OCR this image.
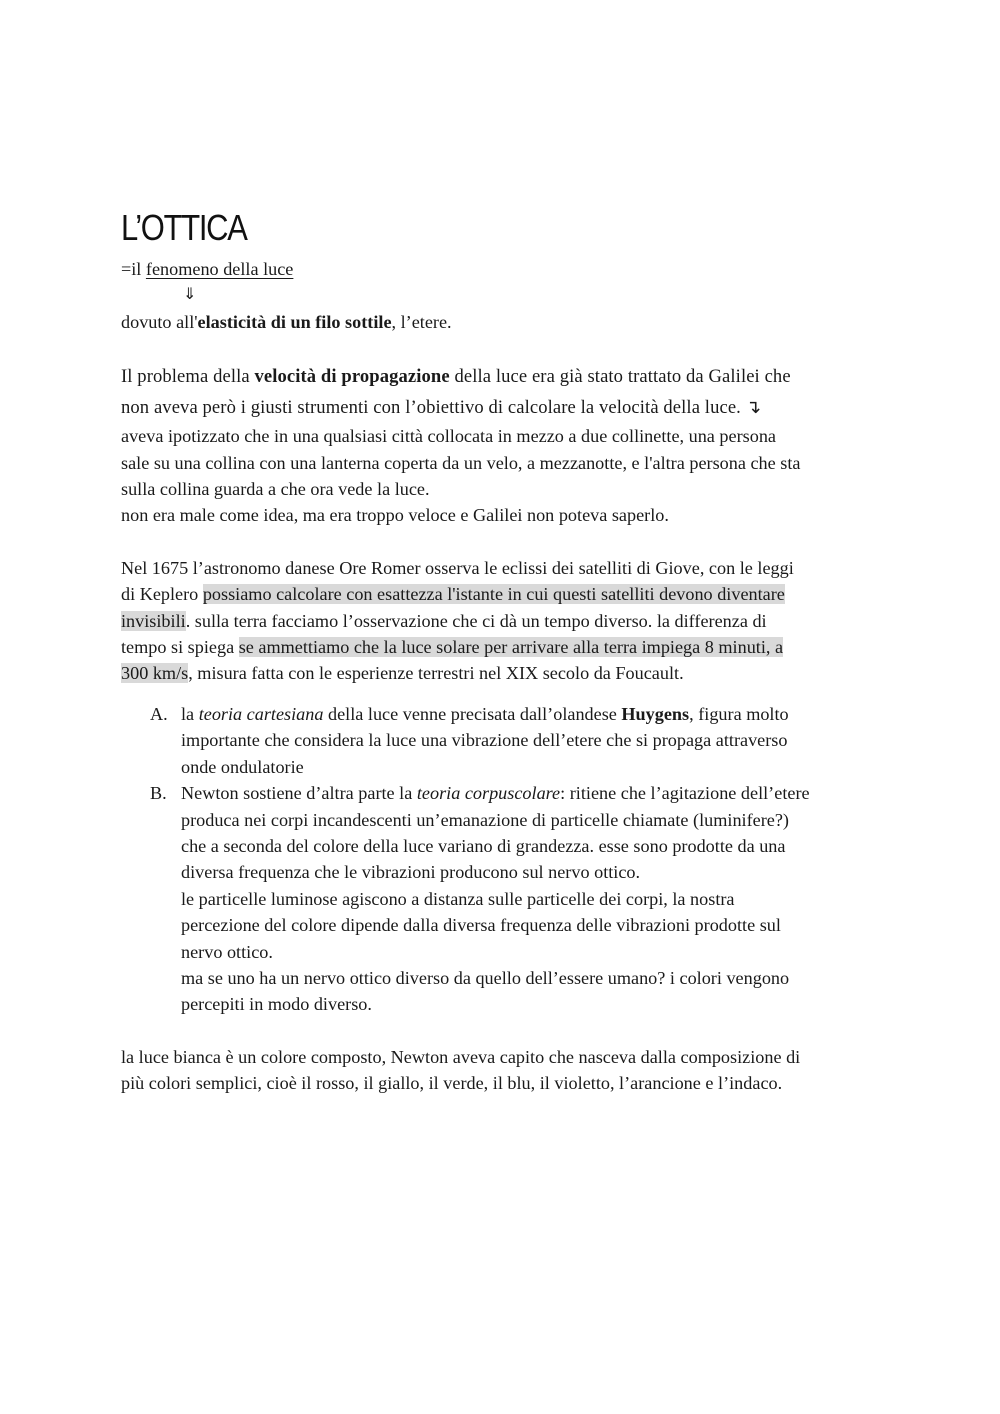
L’OTTICA

=il fenomeno della luce

⇓

dovuto all'elasticità di un filo sottile, l’etere.

Il problema della velocità di propagazione della luce era già stato trattato da Galilei che

non aveva però i giusti strumenti con l’obiettivo di calcolare la velocità della luce. ↴

aveva ipotizzato che in una qualsiasi città collocata in mezzo a due collinette, una persona

sale su una collina con una lanterna coperta da un velo, a mezzanotte, e l'altra persona che sta

sulla collina guarda a che ora vede la luce.

non era male come idea, ma era troppo veloce e Galilei non poteva saperlo.

Nel 1675 l’astronomo danese Ore Romer osserva le eclissi dei satelliti di Giove, con le leggi

di Keplero possiamo calcolare con esattezza l'istante in cui questi satelliti devono diventare

invisibili. sulla terra facciamo l’osservazione che ci dà un tempo diverso. la differenza di

tempo si spiega se ammettiamo che la luce solare per arrivare alla terra impiega 8 minuti, a

300 km/s, misura fatta con le esperienze terrestri nel XIX secolo da Foucault.

A. la teoria cartesiana della luce venne precisata dall’olandese Huygens, figura molto
importante che considera la luce una vibrazione dell’etere che si propaga attraverso
onde ondulatorie
B. Newton sostiene d’altra parte la teoria corpuscolare: ritiene che l’agitazione dell’etere
produca nei corpi incandescenti un’emanazione di particelle chiamate (luminifere?)
che a seconda del colore della luce variano di grandezza. esse sono prodotte da una
diversa frequenza che le vibrazioni producono sul nervo ottico.
le particelle luminose agiscono a distanza sulle particelle dei corpi, la nostra
percezione del colore dipende dalla diversa frequenza delle vibrazioni prodotte sul
nervo ottico.
ma se uno ha un nervo ottico diverso da quello dell’essere umano? i colori vengono
percepiti in modo diverso.

la luce bianca è un colore composto, Newton aveva capito che nasceva dalla composizione di

più colori semplici, cioè il rosso, il giallo, il verde, il blu, il violetto, l’arancione e l’indaco.
